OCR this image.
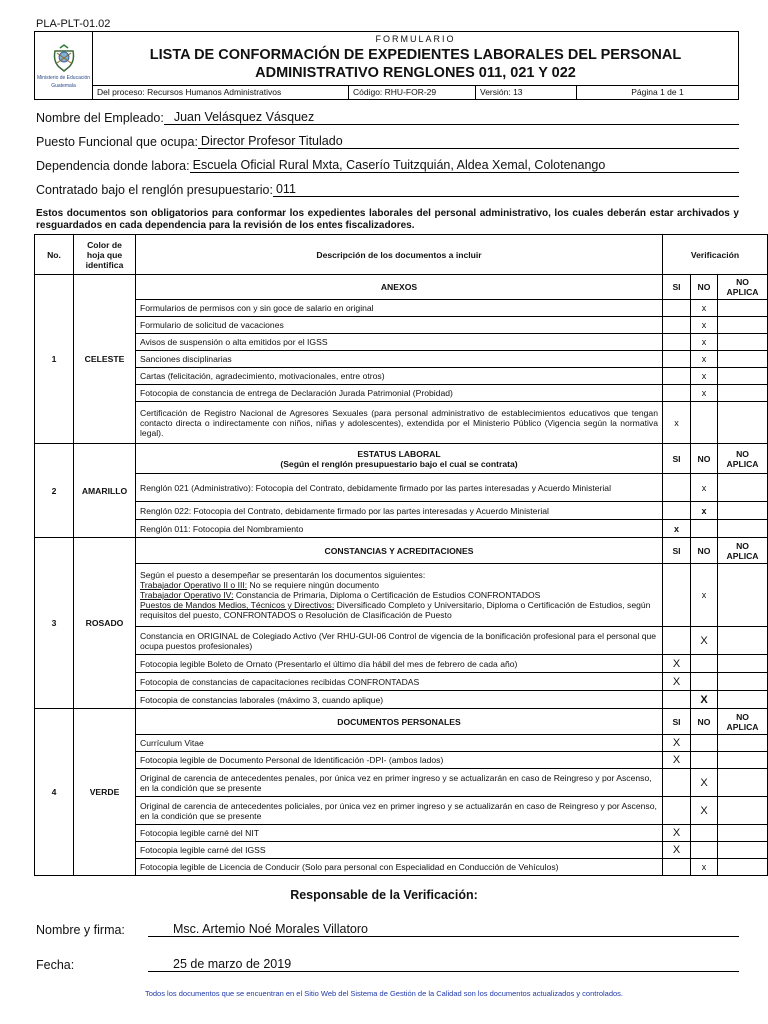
PLA-PLT-01.02
Ministerio de Educación
Guatemala
FORMULARIO
LISTA DE CONFORMACIÓN DE EXPEDIENTES LABORALES DEL PERSONAL
ADMINISTRATIVO RENGLONES 011, 021 Y 022
Del proceso: Recursos Humanos Administrativos	Código: RHU-FOR-29	Versión: 13	Página 1 de 1
Nombre del Empleado: Juan Velásquez Vásquez
Puesto Funcional que ocupa: Director Profesor Titulado
Dependencia donde labora: Escuela Oficial Rural Mxta, Caserío Tuitzquián, Aldea Xemal, Colotenango
Contratado bajo el renglón presupuestario: 011
Estos documentos son obligatorios para conformar los expedientes laborales del personal administrativo, los cuales deberán estar archivados y resguardados en cada dependencia para la revisión de los entes fiscalizadores.
No.	Color de hoja que identifica	Descripción de los documentos a incluir	Verificación		
1	CELESTE	ANEXOS	SI	NO	NO APLICA
		Formularios de permisos con y sin goce de salario en original		x	
		Formulario de solicitud de vacaciones		x	
		Avisos de suspensión o alta emitidos por el IGSS		x	
		Sanciones disciplinarias		x	
		Cartas (felicitación, agradecimiento, motivacionales, entre otros)		x	
		Fotocopia de constancia de entrega de Declaración Jurada Patrimonial (Probidad)		x	
		Certificación de Registro Nacional de Agresores Sexuales (para personal administrativo de establecimientos educativos que tengan contacto directa o indirectamente con niños, niñas y adolescentes), extendida por el Ministerio Público (Vigencia según la normativa legal).	x		
2	AMARILLO	ESTATUS LABORAL
(Según el renglón presupuestario bajo el cual se contrata)	SI	NO	NO APLICA
		Renglón 021 (Administrativo): Fotocopia del Contrato, debidamente firmado por las partes interesadas y Acuerdo Ministerial		x	
		Renglón 022: Fotocopia del Contrato, debidamente firmado por las partes interesadas y Acuerdo Ministerial		x	
		Renglón 011: Fotocopia del Nombramiento	x		
3	ROSADO	CONSTANCIAS Y ACREDITACIONES	SI	NO	NO APLICA

		Según el puesto a desempeñar se presentarán los documentos siguientes:
Trabajador Operativo II o III: No se requiere ningún documento
Trabajador Operativo IV: Constancia de Primaria, Diploma o Certificación de Estudios CONFRONTADOS
Puestos de Mandos Medios, Técnicos y Directivos: Diversificado Completo y Universitario, Diploma o Certificación de Estudios, según requisitos del puesto, CONFRONTADOS o Resolución de Clasificación de Puesto		x	
		Constancia en ORIGINAL de Colegiado Activo (Ver RHU-GUI-06 Control de vigencia de la bonificación profesional para el personal que ocupa puestos profesionales)		X	
		Fotocopia legible Boleto de Ornato (Presentarlo el último día hábil del mes de febrero de cada año)	X		
		Fotocopia de constancias de capacitaciones recibidas CONFRONTADAS	X		
		Fotocopia de constancias laborales (máximo 3, cuando aplique)		X	
4	VERDE	DOCUMENTOS PERSONALES	SI	NO	NO APLICA
		Currículum Vitae	X		
		Fotocopia legible de Documento Personal de Identificación -DPI- (ambos lados)	X		
		Original de carencia de antecedentes penales, por única vez en primer ingreso y se actualizarán en caso de Reingreso y por Ascenso, en la condición que se presente		X	
		Original de carencia de antecedentes policiales, por única vez en primer ingreso y se actualizarán en caso de Reingreso y por Ascenso, en la condición que se presente		X	
		Fotocopia legible carné del NIT	X		
		Fotocopia legible carné del IGSS	X		
		Fotocopia legible de Licencia de Conducir (Solo para personal con Especialidad en Conducción de Vehículos)		x	
Responsable de la Verificación:
Nombre y firma:	Msc. Artemio Noé Morales Villatoro
Fecha:	25 de marzo de 2019
Todos los documentos que se encuentran en el Sitio Web del Sistema de Gestión de la Calidad son los documentos actualizados y controlados.
